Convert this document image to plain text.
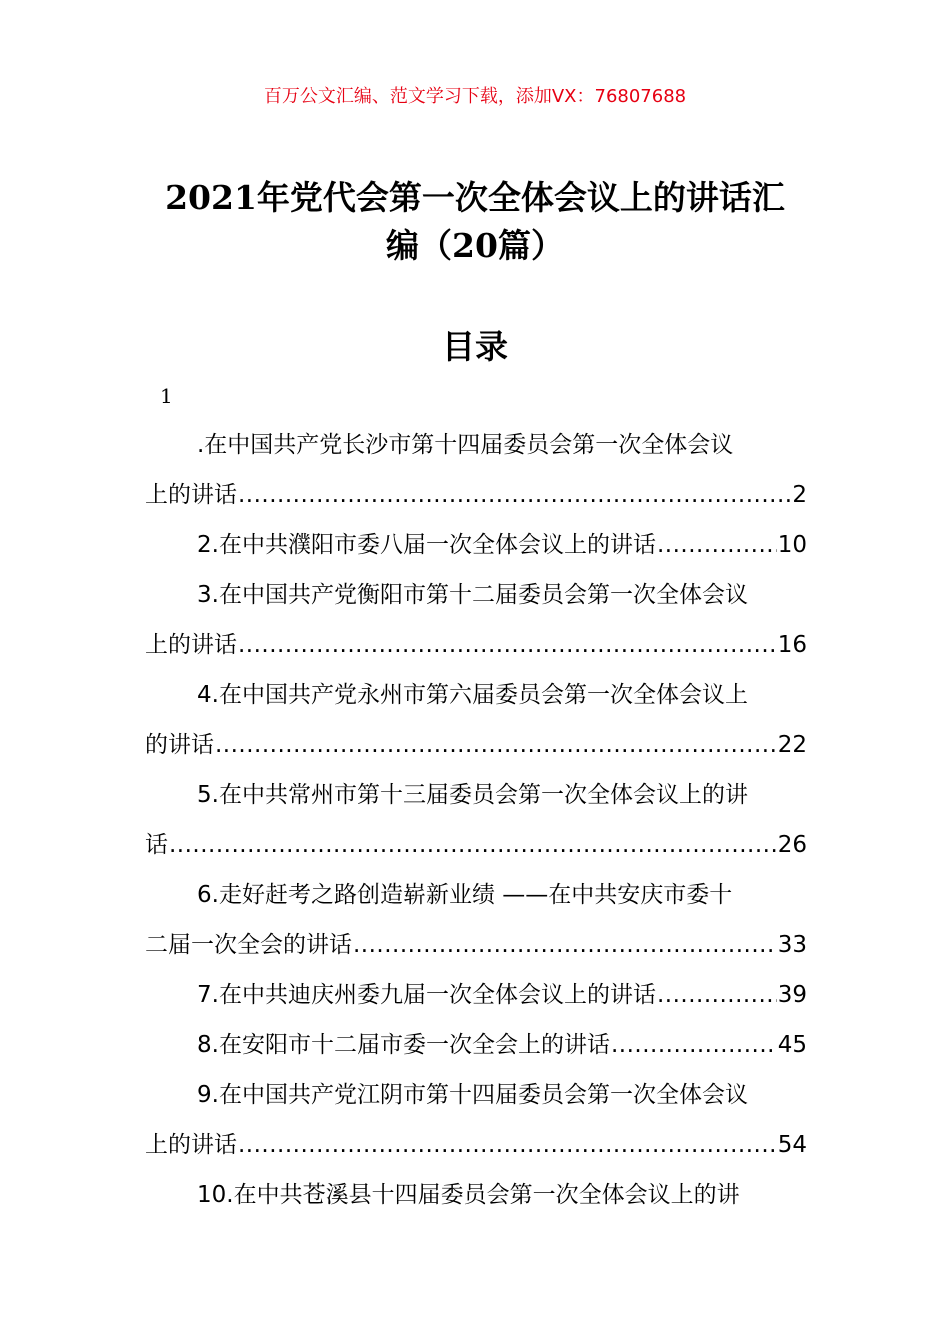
百万公文汇编、范文学习下载，添加VX：76807688
2021年党代会第一次全体会议上的讲话汇
编（20篇）
目录
1
.在中国共产党长沙市第十四届委员会第一次全体会议
上的讲话 .....	2
2.在中共濮阳市委八届一次全体会议上的讲话 .....	10
3.在中国共产党衡阳市第十二届委员会第一次全体会议
上的讲话 .....	16
4.在中国共产党永州市第六届委员会第一次全体会议上
的讲话 .....	22
5.在中共常州市第十三届委员会第一次全体会议上的讲
话 .....	26
6.走好赶考之路创造崭新业绩 ——在中共安庆市委十
二届一次全会的讲话 .....	33
7.在中共迪庆州委九届一次全体会议上的讲话 .....	39
8.在安阳市十二届市委一次全会上的讲话 .....	45
9.在中国共产党江阴市第十四届委员会第一次全体会议
上的讲话 .....	54
10.在中共苍溪县十四届委员会第一次全体会议上的讲
